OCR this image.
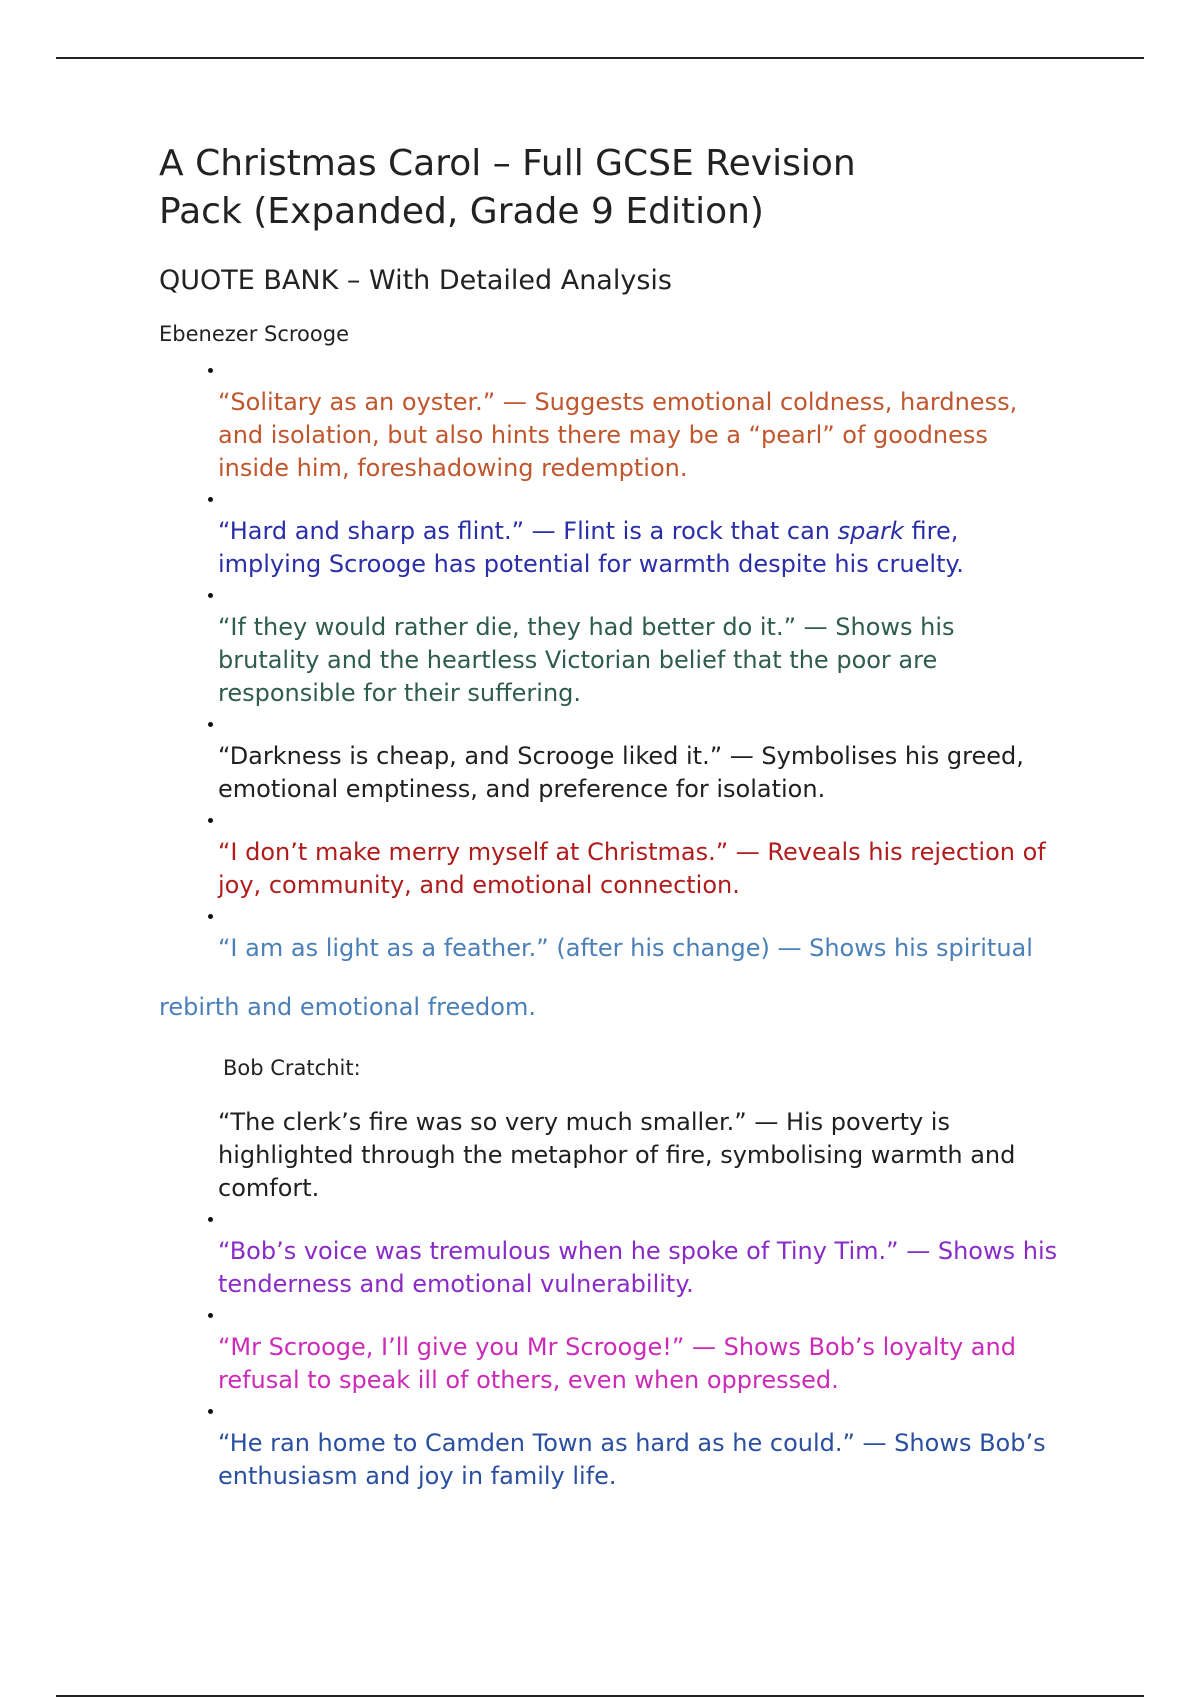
A Christmas Carol – Full GCSE Revision Pack (Expanded, Grade 9 Edition)
QUOTE BANK – With Detailed Analysis
Ebenezer Scrooge
“Solitary as an oyster.” — Suggests emotional coldness, hardness, and isolation, but also hints there may be a “pearl” of goodness inside him, foreshadowing redemption.
“Hard and sharp as flint.” — Flint is a rock that can spark fire, implying Scrooge has potential for warmth despite his cruelty.
“If they would rather die, they had better do it.” — Shows his brutality and the heartless Victorian belief that the poor are responsible for their suffering.
“Darkness is cheap, and Scrooge liked it.” — Symbolises his greed, emotional emptiness, and preference for isolation.
“I don’t make merry myself at Christmas.” — Reveals his rejection of joy, community, and emotional connection.
“I am as light as a feather.” (after his change) — Shows his spiritual

rebirth and emotional freedom.

Bob Cratchit:
“The clerk’s fire was so very much smaller.” — His poverty is highlighted through the metaphor of fire, symbolising warmth and comfort.
“Bob’s voice was tremulous when he spoke of Tiny Tim.” — Shows his tenderness and emotional vulnerability.
“Mr Scrooge, I’ll give you Mr Scrooge!” — Shows Bob’s loyalty and refusal to speak ill of others, even when oppressed.
“He ran home to Camden Town as hard as he could.” — Shows Bob’s enthusiasm and joy in family life.
